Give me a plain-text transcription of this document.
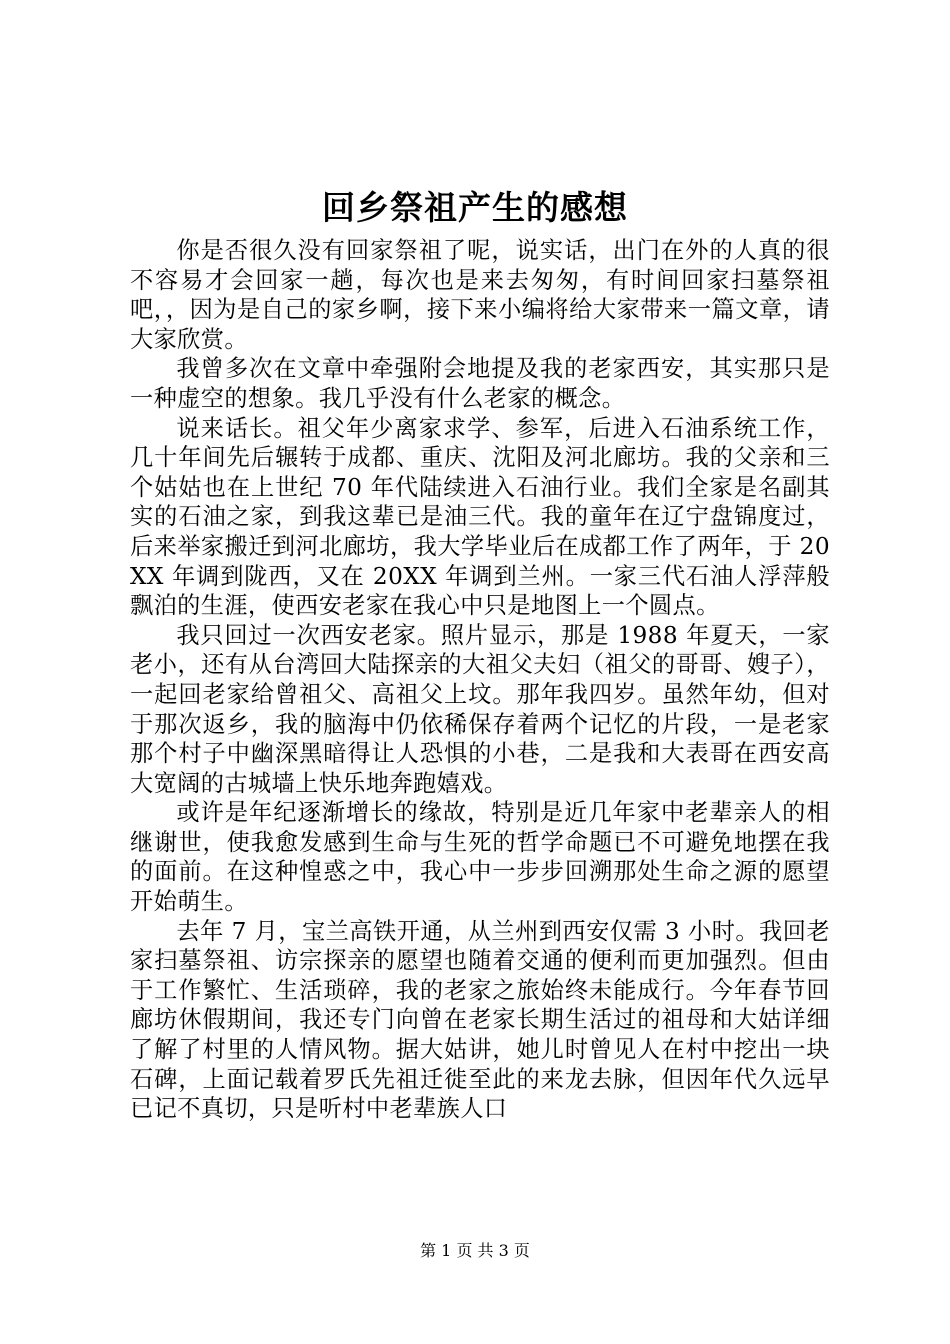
回乡祭祖产生的感想

你是否很久没有回家祭祖了呢，说实话，出门在外的人真的很不容易才会回家一趟，每次也是来去匆匆，有时间回家扫墓祭祖吧，，因为是自己的家乡啊，接下来小编将给大家带来一篇文章，请大家欣赏。

我曾多次在文章中牵强附会地提及我的老家西安，其实那只是一种虚空的想象。我几乎没有什么老家的概念。

说来话长。祖父年少离家求学、参军，后进入石油系统工作，几十年间先后辗转于成都、重庆、沈阳及河北廊坊。我的父亲和三个姑姑也在上世纪 70 年代陆续进入石油行业。我们全家是名副其实的石油之家，到我这辈已是油三代。我的童年在辽宁盘锦度过，后来举家搬迁到河北廊坊，我大学毕业后在成都工作了两年，于 20XX 年调到陇西，又在 20XX 年调到兰州。一家三代石油人浮萍般飘泊的生涯，使西安老家在我心中只是地图上一个圆点。

我只回过一次西安老家。照片显示，那是 1988 年夏天，一家老小，还有从台湾回大陆探亲的大祖父夫妇（祖父的哥哥、嫂子），一起回老家给曾祖父、高祖父上坟。那年我四岁。虽然年幼，但对于那次返乡，我的脑海中仍依稀保存着两个记忆的片段，一是老家那个村子中幽深黑暗得让人恐惧的小巷，二是我和大表哥在西安高大宽阔的古城墙上快乐地奔跑嬉戏。

或许是年纪逐渐增长的缘故，特别是近几年家中老辈亲人的相继谢世，使我愈发感到生命与生死的哲学命题已不可避免地摆在我的面前。在这种惶惑之中，我心中一步步回溯那处生命之源的愿望开始萌生。

去年 7 月，宝兰高铁开通，从兰州到西安仅需 3 小时。我回老家扫墓祭祖、访宗探亲的愿望也随着交通的便利而更加强烈。但由于工作繁忙、生活琐碎，我的老家之旅始终未能成行。今年春节回廊坊休假期间，我还专门向曾在老家长期生活过的祖母和大姑详细了解了村里的人情风物。据大姑讲，她儿时曾见人在村中挖出一块石碑，上面记载着罗氏先祖迁徙至此的来龙去脉，但因年代久远早已记不真切，只是听村中老辈族人口

第 1 页 共 3 页
